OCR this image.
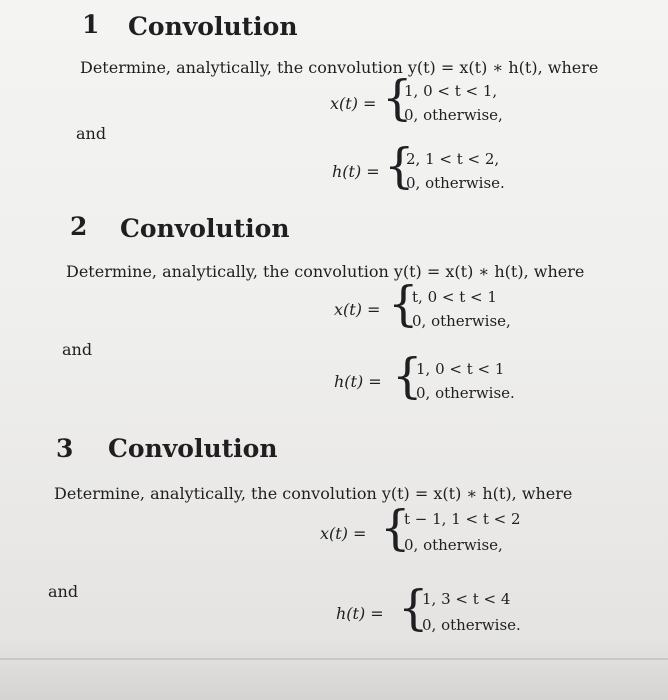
1 Convolution
Determine, analytically, the convolution y(t) = x(t) ∗ h(t), where
x(t) = {
1, 0 < t < 1,
0, otherwise,
and
h(t) = {
2, 1 < t < 2,
0, otherwise.
2 Convolution
Determine, analytically, the convolution y(t) = x(t) ∗ h(t), where
x(t) = {
t, 0 < t < 1
0, otherwise,
and
h(t) = {
1, 0 < t < 1
0, otherwise.
3 Convolution
Determine, analytically, the convolution y(t) = x(t) ∗ h(t), where
x(t) = {
t − 1, 1 < t < 2
0, otherwise,
and
h(t) = {
1, 3 < t < 4
0, otherwise.
